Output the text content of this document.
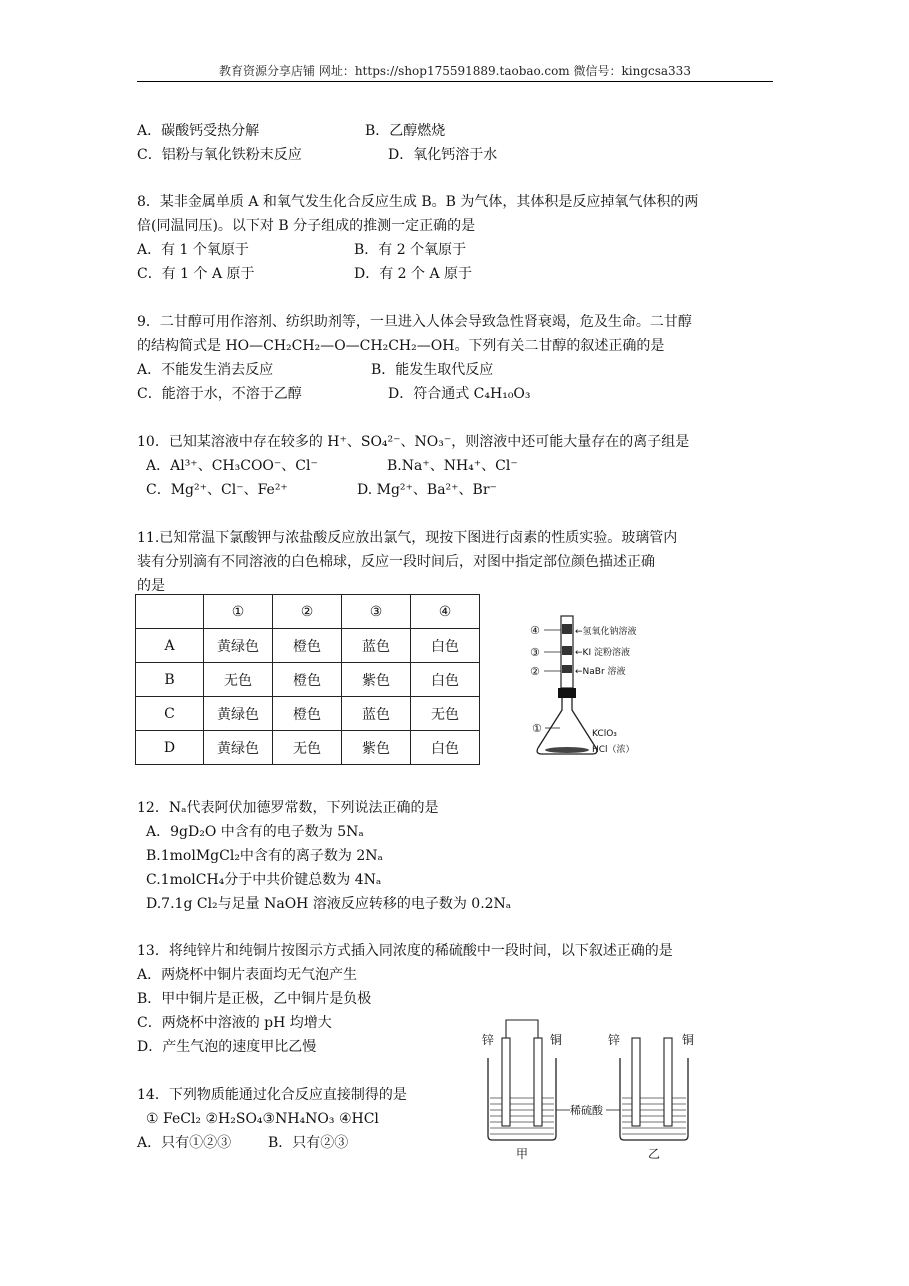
教育资源分享店铺 网址：https://shop175591889.taobao.com 微信号：kingcsa333
A．碳酸钙受热分解	B．乙醇燃烧
C．铝粉与氧化铁粉末反应	D．氧化钙溶于水
8．某非金属单质 A 和氧气发生化合反应生成 B。B 为气体，其体积是反应掉氧气体积的两
倍(同温同压)。以下对 B 分子组成的推测一定正确的是
A．有 1 个氧原于	B．有 2 个氧原于
C．有 1 个 A 原于	D．有 2 个 A 原于
9．二甘醇可用作溶剂、纺织助剂等，一旦进入人体会导致急性肾衰竭，危及生命。二甘醇
的结构简式是 HO—CH₂CH₂—O—CH₂CH₂—OH。下列有关二甘醇的叙述正确的是
A．不能发生消去反应	B．能发生取代反应
C．能溶于水，不溶于乙醇	D．符合通式 C₄H₁₀O₃
10．已知某溶液中存在较多的 H⁺、SO₄²⁻、NO₃⁻，则溶液中还可能大量存在的离子组是
A．Al³⁺、CH₃COO⁻、Cl⁻	B.Na⁺、NH₄⁺、Cl⁻
C．Mg²⁺、Cl⁻、Fe²⁺	D. Mg²⁺、Ba²⁺、Br⁻
11.已知常温下氯酸钾与浓盐酸反应放出氯气，现按下图进行卤素的性质实验。玻璃管内
装有分别滴有不同溶液的白色棉球，反应一段时间后，对图中指定部位颜色描述正确
的是
	①	②	③	④
A	黄绿色	橙色	蓝色	白色
B	无色	橙色	紫色	白色
C	黄绿色	橙色	蓝色	无色
D	黄绿色	无色	紫色	白色
④
③
②
①
←氢氧化钠溶液
←KI 淀粉溶液
←NaBr 溶液
KClO₃
HCl（浓）
12．Nₐ代表阿伏加德罗常数，下列说法正确的是
A．9gD₂O 中含有的电子数为 5Nₐ
B.1molMgCl₂中含有的离子数为 2Nₐ
C.1molCH₄分于中共价键总数为 4Nₐ
D.7.1g Cl₂与足量 NaOH 溶液反应转移的电子数为 0.2Nₐ
13．将纯锌片和纯铜片按图示方式插入同浓度的稀硫酸中一段时间，以下叙述正确的是
A．两烧杯中铜片表面均无气泡产生
B．甲中铜片是正极，乙中铜片是负极
C．两烧杯中溶液的 pH 均增大
D．产生气泡的速度甲比乙慢	锌	铜
甲
锌	铜
乙
稀硫酸
14．下列物质能通过化合反应直接制得的是
① FeCl₂ ②H₂SO₄③NH₄NO₃ ④HCl
A．只有①②③	B．只有②③
